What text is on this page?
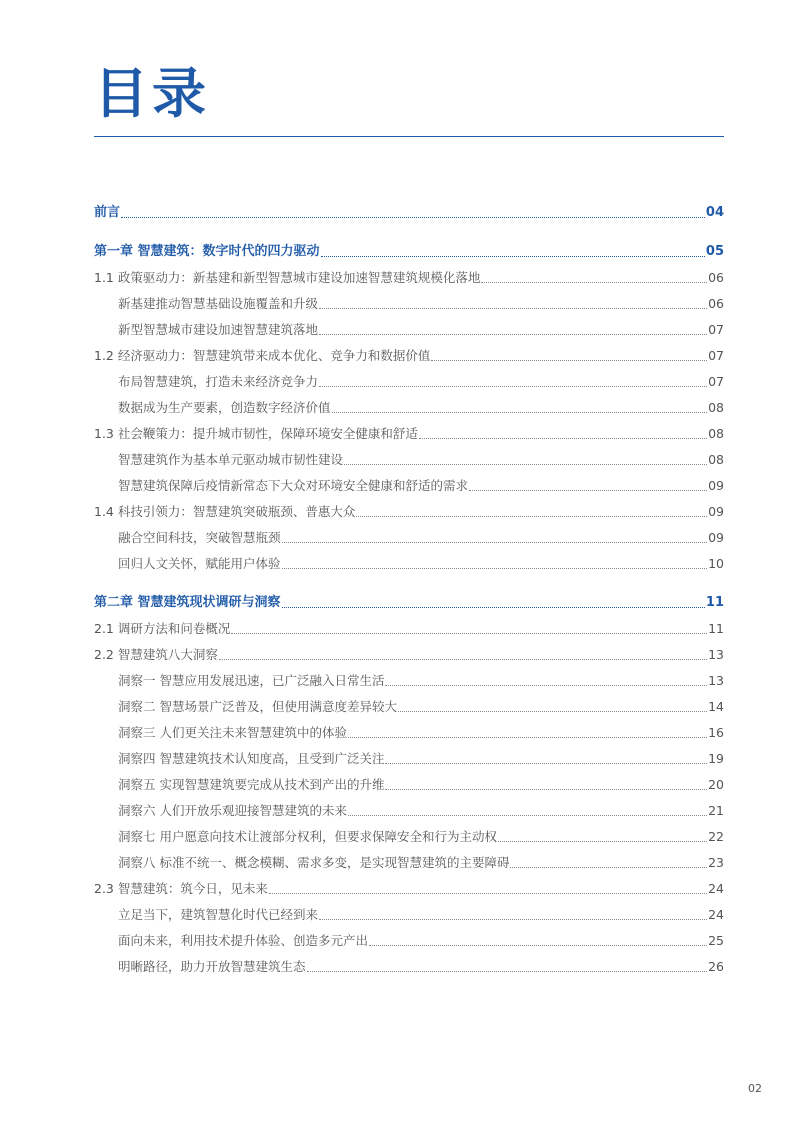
目录
前言	04
第一章 智慧建筑：数字时代的四力驱动	05
1.1 政策驱动力：新基建和新型智慧城市建设加速智慧建筑规模化落地	06
新基建推动智慧基础设施覆盖和升级	06
新型智慧城市建设加速智慧建筑落地	07
1.2 经济驱动力：智慧建筑带来成本优化、竞争力和数据价值	07
布局智慧建筑，打造未来经济竞争力	07
数据成为生产要素，创造数字经济价值	08
1.3 社会鞭策力：提升城市韧性，保障环境安全健康和舒适	08
智慧建筑作为基本单元驱动城市韧性建设	08
智慧建筑保障后疫情新常态下大众对环境安全健康和舒适的需求	09
1.4 科技引领力：智慧建筑突破瓶颈、普惠大众	09
融合空间科技，突破智慧瓶颈	09
回归人文关怀，赋能用户体验	10
第二章 智慧建筑现状调研与洞察	11
2.1 调研方法和问卷概况	11
2.2 智慧建筑八大洞察	13
洞察一 智慧应用发展迅速，已广泛融入日常生活	13
洞察二 智慧场景广泛普及，但使用满意度差异较大	14
洞察三 人们更关注未来智慧建筑中的体验	16
洞察四 智慧建筑技术认知度高，且受到广泛关注	19
洞察五 实现智慧建筑要完成从技术到产出的升维	20
洞察六 人们开放乐观迎接智慧建筑的未来	21
洞察七 用户愿意向技术让渡部分权利，但要求保障安全和行为主动权	22
洞察八 标准不统一、概念模糊、需求多变，是实现智慧建筑的主要障碍	23
2.3 智慧建筑：筑今日，见未来	24
立足当下，建筑智慧化时代已经到来	24
面向未来，利用技术提升体验、创造多元产出	25
明晰路径，助力开放智慧建筑生态	26
02
